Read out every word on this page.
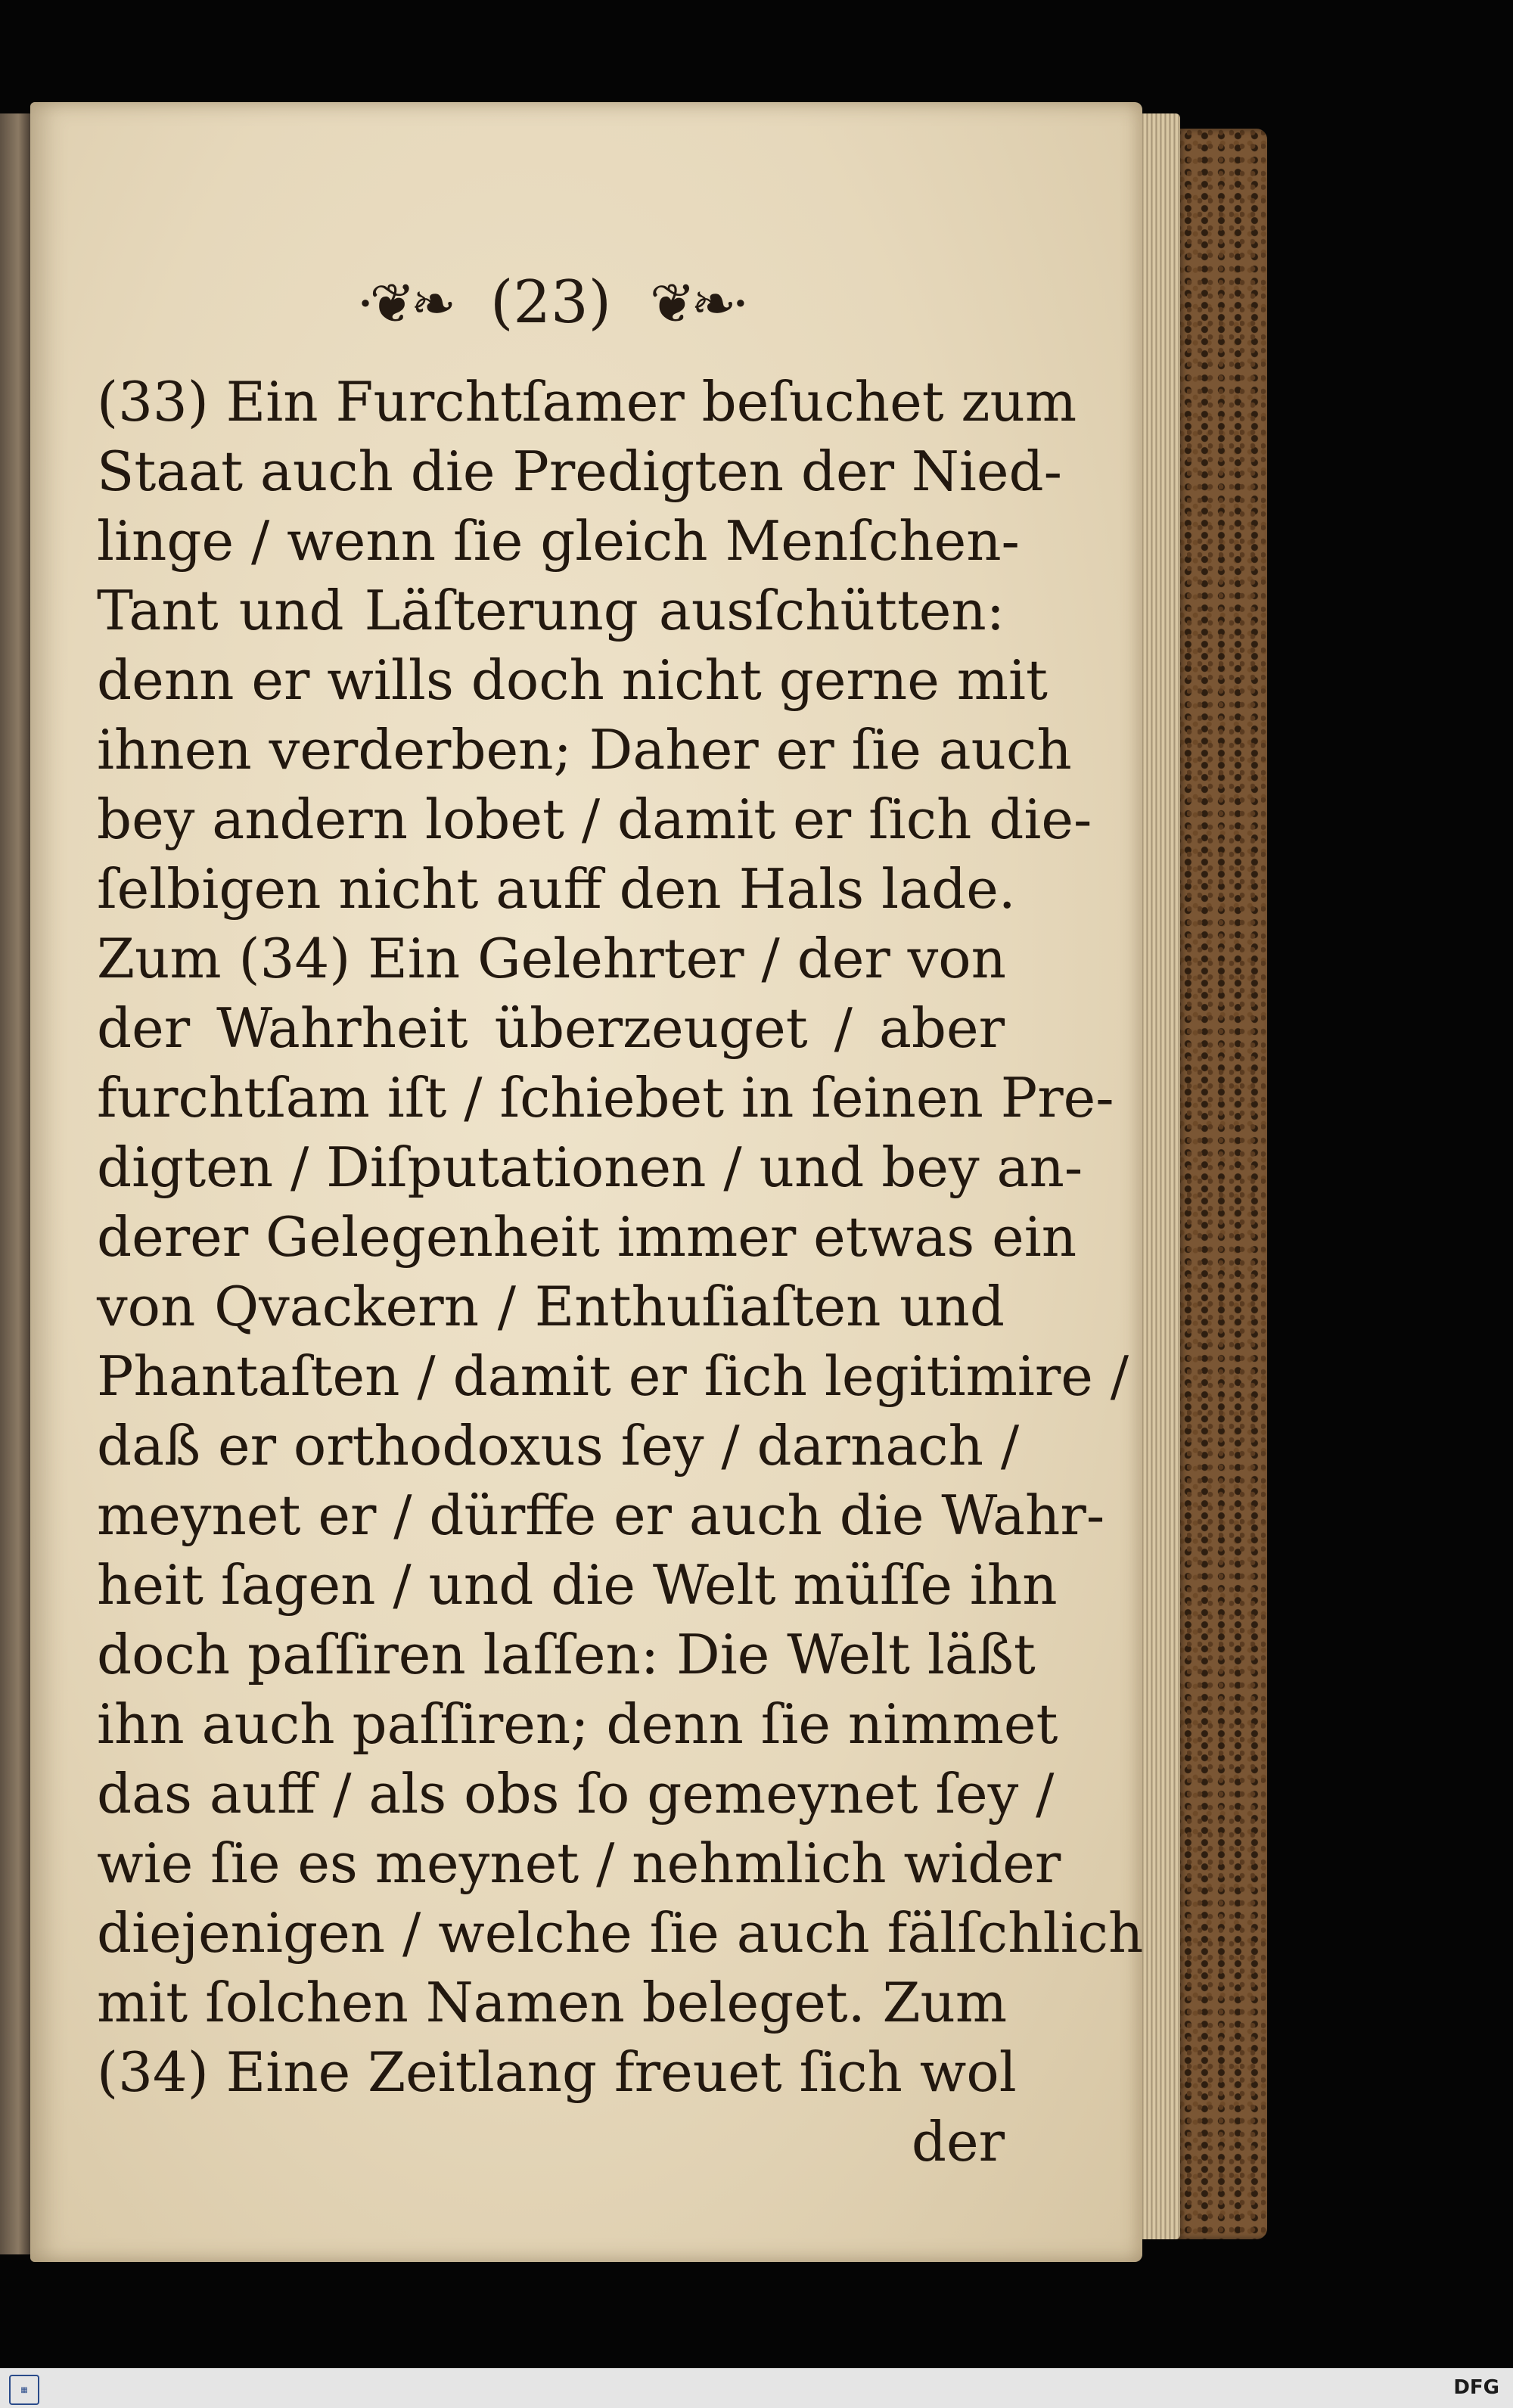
·❦❧ (23) ❦❧·
(33) Ein Furchtſamer beſuchet zum
Staat auch die Predigten der Nied-
linge / wenn ſie gleich Menſchen-
Tant und Läſterung ausſchütten:
denn er wills doch nicht gerne mit
ihnen verderben; Daher er ſie auch
bey andern lobet / damit er ſich die-
ſelbigen nicht auff den Hals lade.
Zum (34) Ein Gelehrter / der von
der Wahrheit überzeuget / aber
furchtſam iſt / ſchiebet in ſeinen Pre-
digten / Diſputationen / und bey an-
derer Gelegenheit immer etwas ein
von Qvackern / Enthuſiaſten und
Phantaſten / damit er ſich legitimire /
daß er orthodoxus ſey / darnach /
meynet er / dürffe er auch die Wahr-
heit ſagen / und die Welt müſſe ihn
doch paſſiren laſſen: Die Welt läßt
ihn auch paſſiren; denn ſie nimmet
das auff / als obs ſo gemeynet ſey /
wie ſie es meynet / nehmlich wider
diejenigen / welche ſie auch fälſchlich
mit ſolchen Namen beleget. Zum
(34) Eine Zeitlang freuet ſich wol
der
▦	DFG
